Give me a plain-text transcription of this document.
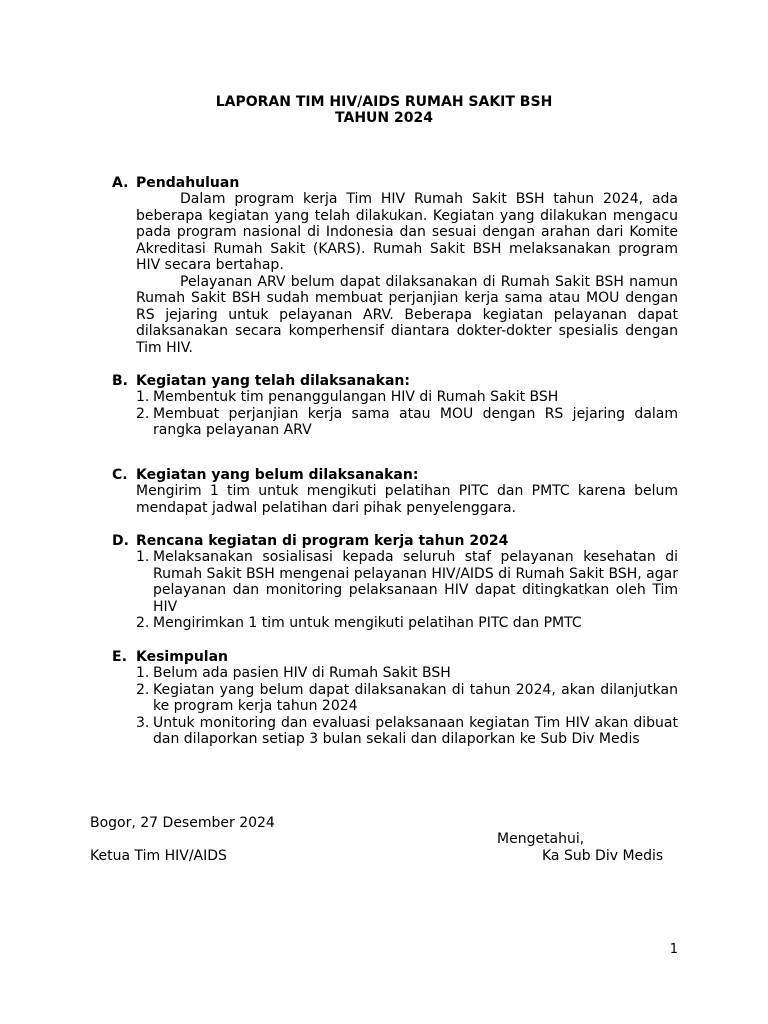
LAPORAN TIM HIV/AIDS RUMAH SAKIT BSH
TAHUN 2024
A. Pendahuluan

Dalam program kerja Tim HIV Rumah Sakit BSH tahun 2024, ada beberapa kegiatan yang telah dilakukan. Kegiatan yang dilakukan mengacu pada program nasional di Indonesia dan sesuai dengan arahan dari Komite Akreditasi Rumah Sakit (KARS). Rumah Sakit BSH melaksanakan program HIV secara bertahap.

Pelayanan ARV belum dapat dilaksanakan di Rumah Sakit BSH namun Rumah Sakit BSH sudah membuat perjanjian kerja sama atau MOU dengan RS jejaring untuk pelayanan ARV. Beberapa kegiatan pelayanan dapat dilaksanakan secara komperhensif diantara dokter-dokter spesialis dengan Tim HIV.

B. Kegiatan yang telah dilaksanakan:
1. Membentuk tim penanggulangan HIV di Rumah Sakit BSH
2. Membuat perjanjian kerja sama atau MOU dengan RS jejaring dalam rangka pelayanan ARV
C. Kegiatan yang belum dilaksanakan:

Mengirim 1 tim untuk mengikuti pelatihan PITC dan PMTC karena belum mendapat jadwal pelatihan dari pihak penyelenggara.

D. Rencana kegiatan di program kerja tahun 2024
1. Melaksanakan sosialisasi kepada seluruh staf pelayanan kesehatan di Rumah Sakit BSH mengenai pelayanan HIV/AIDS di Rumah Sakit BSH, agar pelayanan dan monitoring pelaksanaan HIV dapat ditingkatkan oleh Tim HIV
2. Mengirimkan 1 tim untuk mengikuti pelatihan PITC dan PMTC
E. Kesimpulan
1. Belum ada pasien HIV di Rumah Sakit BSH
2. Kegiatan yang belum dapat dilaksanakan di tahun 2024, akan dilanjutkan ke program kerja tahun 2024
3. Untuk monitoring dan evaluasi pelaksanaan kegiatan Tim HIV akan dibuat dan dilaporkan setiap 3 bulan sekali dan dilaporkan ke Sub Div Medis
Bogor, 27 Desember 2024
Mengetahui,
Ketua Tim HIV/AIDS	Ka Sub Div Medis
1
